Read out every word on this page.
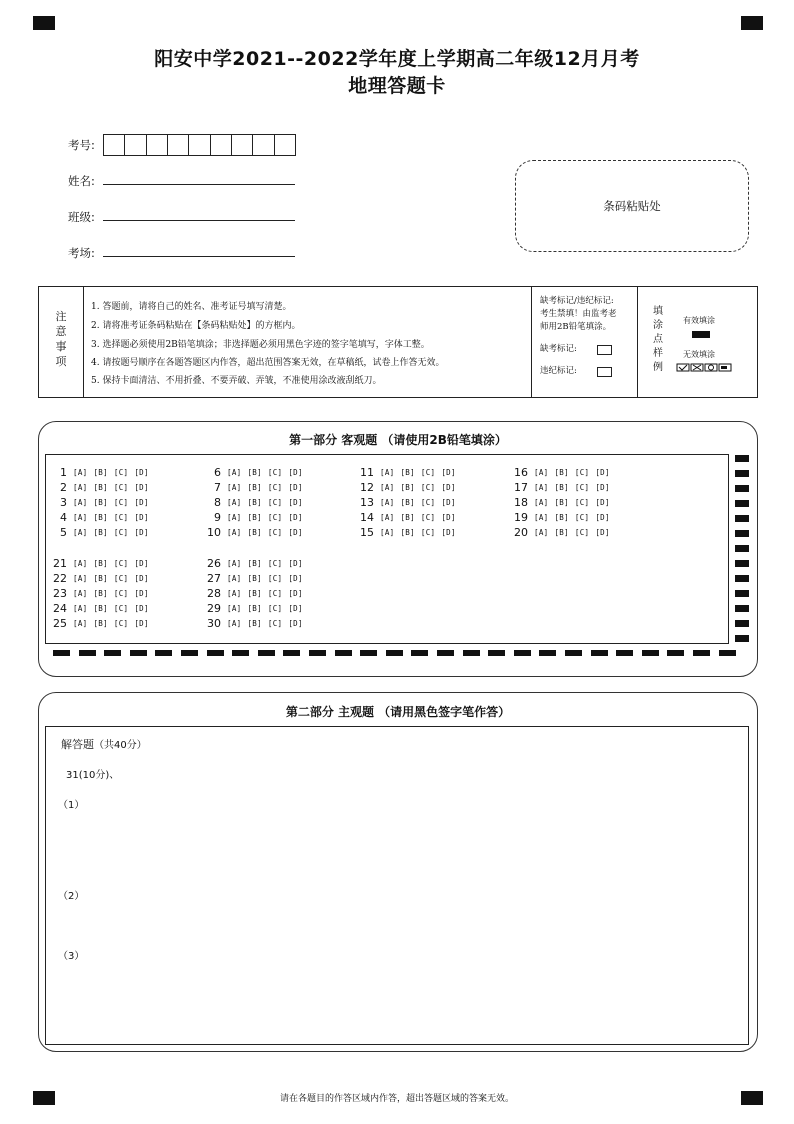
阳安中学2021--2022学年度上学期高二年级12月月考
地理答题卡
考号:
姓名:
班级:
考场:
条码粘贴处
注
意
事
项
1. 答题前，请将自己的姓名、准考证号填写清楚。
2. 请将准考证条码粘贴在【条码粘贴处】的方框内。
3. 选择题必须使用2B铅笔填涂；非选择题必须用黑色字迹的签字笔填写，字体工整。
4. 请按题号顺序在各题答题区内作答，超出范围答案无效，在草稿纸，试卷上作答无效。
5. 保持卡面清洁、不用折叠、不要弄破、弄皱，不准使用涂改液刮纸刀。
缺考标记/违纪标记:
考生禁填！由监考老
师用2B铅笔填涂。
缺考标记:
违纪标记:
填
涂
点
样
例
有效填涂
无效填涂
第一部分 客观题 （请使用2B铅笔填涂）
1 [A] [B] [C] [D]
2 [A] [B] [C] [D]
3 [A] [B] [C] [D]
4 [A] [B] [C] [D]
5 [A] [B] [C] [D]
6 [A] [B] [C] [D]
7 [A] [B] [C] [D]
8 [A] [B] [C] [D]
9 [A] [B] [C] [D]
10 [A] [B] [C] [D]
11 [A] [B] [C] [D]
12 [A] [B] [C] [D]
13 [A] [B] [C] [D]
14 [A] [B] [C] [D]
15 [A] [B] [C] [D]
16 [A] [B] [C] [D]
17 [A] [B] [C] [D]
18 [A] [B] [C] [D]
19 [A] [B] [C] [D]
20 [A] [B] [C] [D]
21 [A] [B] [C] [D]
22 [A] [B] [C] [D]
23 [A] [B] [C] [D]
24 [A] [B] [C] [D]
25 [A] [B] [C] [D]
26 [A] [B] [C] [D]
27 [A] [B] [C] [D]
28 [A] [B] [C] [D]
29 [A] [B] [C] [D]
30 [A] [B] [C] [D]
第二部分 主观题 （请用黑色签字笔作答）
解答题（共40分）
31(10分)、
（1）
（2）
（3）
请在各题目的作答区域内作答，超出答题区域的答案无效。
